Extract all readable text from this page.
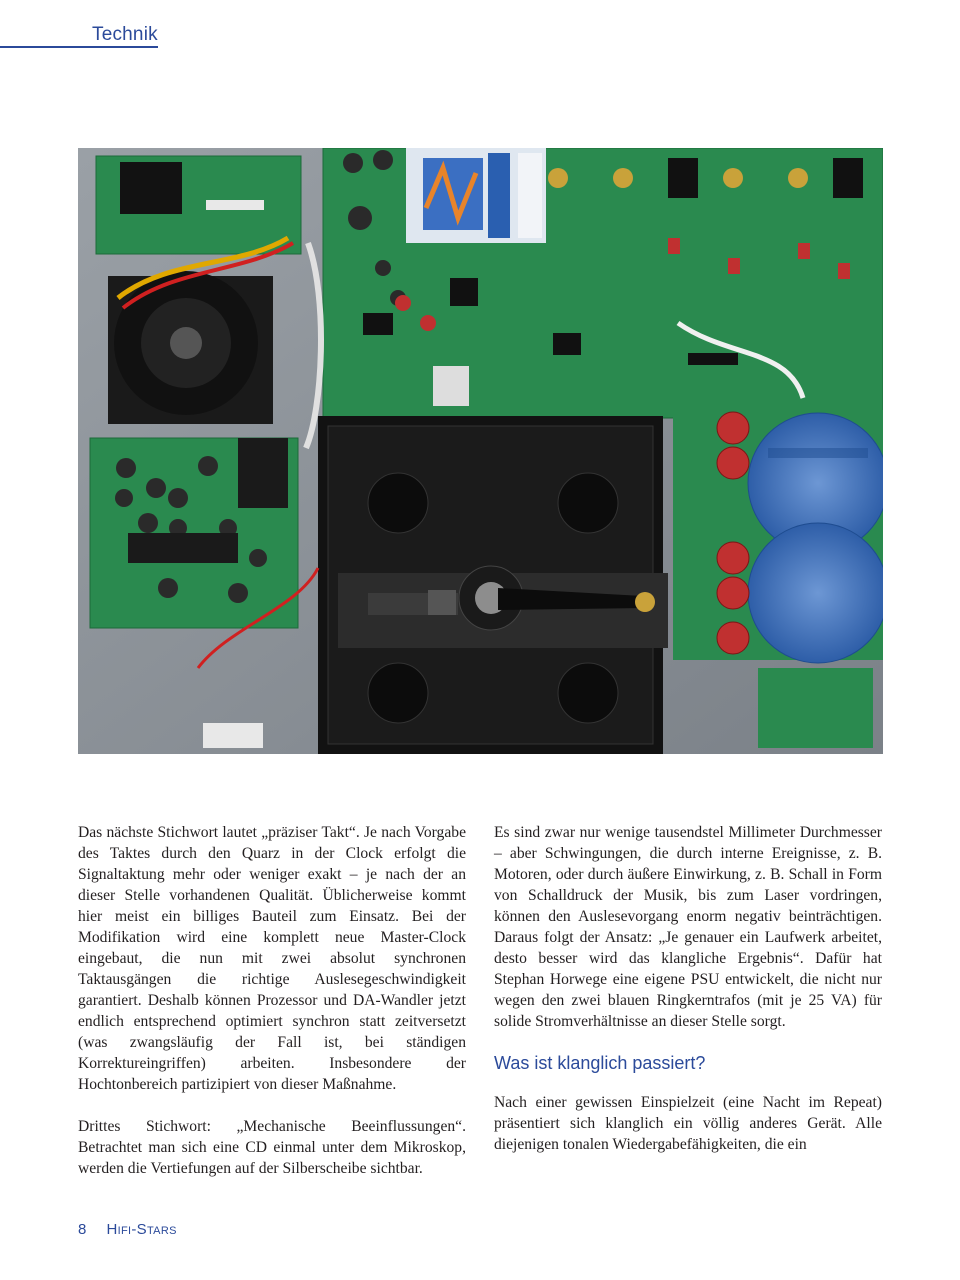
Technik

Das nächste Stichwort lautet „präziser Takt“. Je nach Vorgabe des Taktes durch den Quarz in der Clock erfolgt die Signaltaktung mehr oder weniger exakt – je nach der an dieser Stelle vorhandenen Qualität. Üblicherweise kommt hier meist ein billiges Bauteil zum Einsatz. Bei der Modifikation wird eine komplett neue Master-Clock eingebaut, die nun mit zwei absolut synchronen Taktausgängen die richtige Auslesegeschwindigkeit garantiert. Deshalb können Prozessor und DA-Wandler jetzt endlich entsprechend optimiert synchron statt zeitversetzt (was zwangsläufig der Fall ist, bei ständigen Korrektureingriffen) arbeiten. Insbesondere der Hochtonbereich partizipiert von dieser Maßnahme.

Drittes Stichwort: „Mechanische Beeinflussungen“. Betrachtet man sich eine CD einmal unter dem Mikroskop, werden die Vertiefungen auf der Silberscheibe sichtbar.

Es sind zwar nur wenige tausendstel Millimeter Durchmesser – aber Schwingungen, die durch interne Ereignisse, z. B. Motoren, oder durch äußere Einwirkung, z. B. Schall in Form von Schalldruck der Musik, bis zum Laser vordringen, können den Auslesevorgang enorm negativ beinträchtigen. Daraus folgt der Ansatz: „Je genauer ein Laufwerk arbeitet, desto besser wird das klangliche Ergebnis“. Dafür hat Stephan Horwege eine eigene PSU entwickelt, die nicht nur wegen den zwei blauen Ringkerntrafos (mit je 25 VA) für solide Stromverhältnisse an dieser Stelle sorgt.

Was ist klanglich passiert?

Nach einer gewissen Einspielzeit (eine Nacht im Repeat) präsentiert sich klanglich ein völlig anderes Gerät. Alle diejenigen tonalen Wiedergabefähigkeiten, die ein

8 Hifi-Stars
